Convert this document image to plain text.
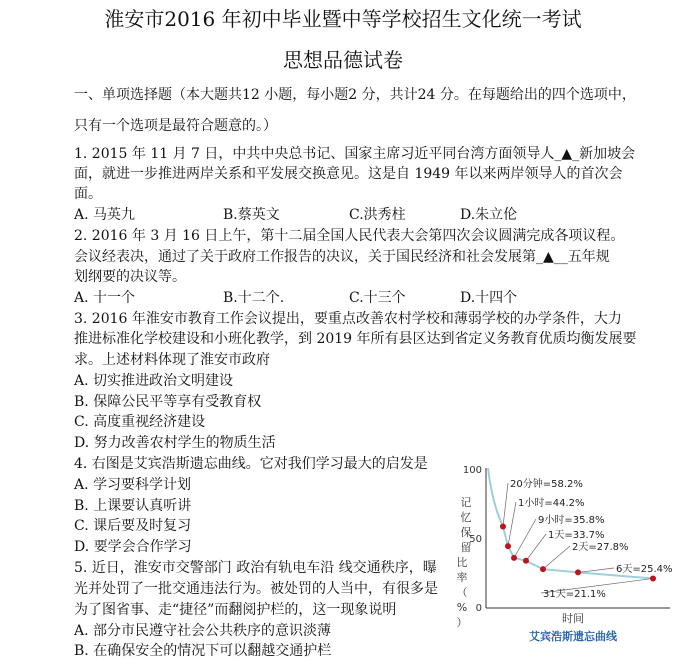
淮安市2016 年初中毕业暨中等学校招生文化统一考试
思想品德试卷
一、单项选择题（本大题共12 小题，每小题2 分，共计24 分。在每题给出的四个选项中，
只有一个选项是最符合题意的。）
1. 2015 年 11 月 7 日，中共中央总书记、国家主席习近平同台湾方面领导人_▲_新加坡会
面，就进一步推进两岸关系和平发展交换意见。这是自 1949 年以来两岸领导人的首次会
面。
A. 马英九	B.蔡英文	C.洪秀柱	D.朱立伦
2. 2016 年 3 月 16 日上午，第十二届全国人民代表大会第四次会议圆满完成各项议程。
会议经表决，通过了关于政府工作报告的决议，关于国民经济和社会发展第_▲__五年规
划纲要的决议等。
A. 十一个	B.十二个.	C.十三个	D.十四个
3. 2016 年淮安市教育工作会议提出，要重点改善农村学校和薄弱学校的办学条件，大力
推进标准化学校建设和小班化教学，到 2019 年所有县区达到省定义务教育优质均衡发展要
求。上述材料体现了淮安市政府
A. 切实推进政治文明建设
B. 保障公民平等享有受教育权
C. 高度重视经济建设
D. 努力改善农村学生的物质生活
4. 右图是艾宾浩斯遗忘曲线。它对我们学习最大的启发是
A. 学习要科学计划
B. 上课要认真听讲
C. 课后要及时复习
D. 要学会合作学习
5. 近日，淮安市交警部门 政治有轨电车沿 线交通秩序，曝
光并处罚了一批交通违法行为。被处罚的人当中，有很多是
为了图省事、走“捷径”而翻阅护栏的，这一现象说明
A. 部分市民遵守社会公共秩序的意识淡薄
B. 在确保安全的情况下可以翻越交通护栏
100
50
0
记忆保留比率（%）	时间
艾宾浩斯遗忘曲线
20分钟=58.2%
1小时=44.2%
9小时=35.8%
1天=33.7%
2天=27.8%
6天=25.4%
31天=21.1%
